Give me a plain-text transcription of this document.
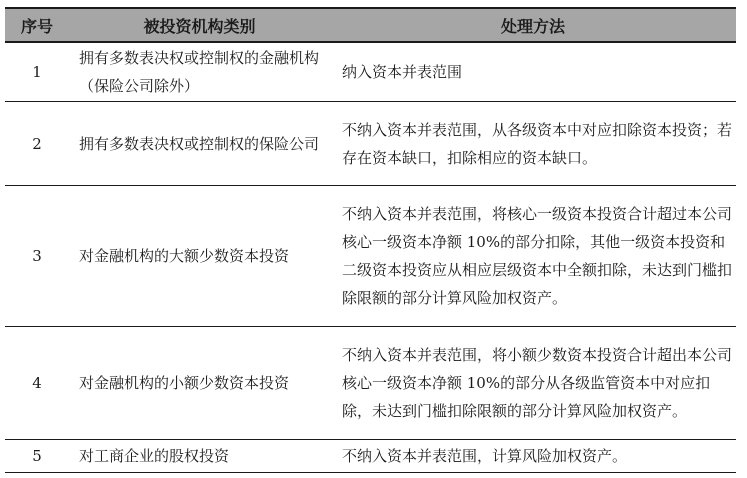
序号	被投资机构类别	处理方法
1	拥有多数表决权或控制权的金融机构（保险公司除外）	纳入资本并表范围
2	拥有多数表决权或控制权的保险公司	不纳入资本并表范围，从各级资本中对应扣除资本投资；若存在资本缺口，扣除相应的资本缺口。
3	对金融机构的大额少数资本投资	不纳入资本并表范围，将核心一级资本投资合计超过本公司核心一级资本净额 10%的部分扣除，其他一级资本投资和二级资本投资应从相应层级资本中全额扣除，未达到门槛扣除限额的部分计算风险加权资产。
4	对金融机构的小额少数资本投资	不纳入资本并表范围，将小额少数资本投资合计超出本公司核心一级资本净额 10%的部分从各级监管资本中对应扣除，未达到门槛扣除限额的部分计算风险加权资产。
5	对工商企业的股权投资	不纳入资本并表范围，计算风险加权资产。
